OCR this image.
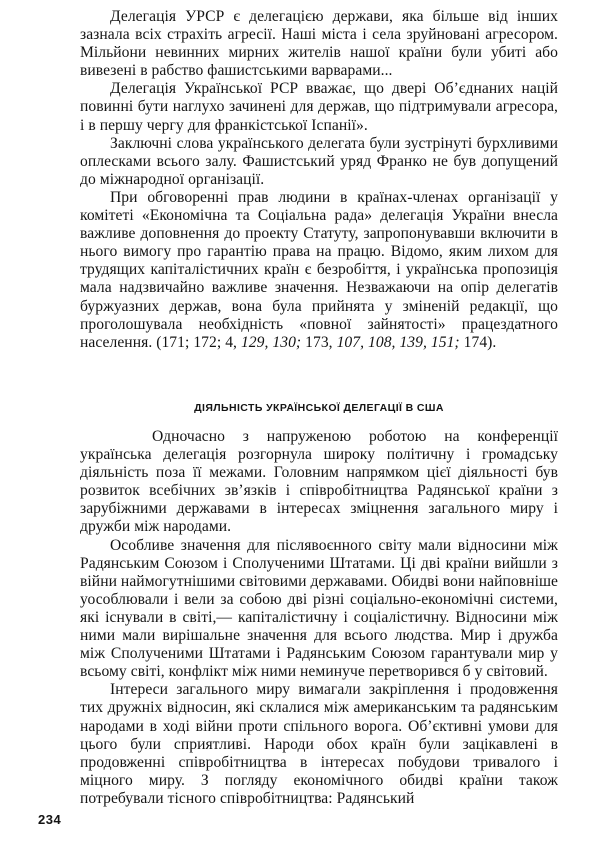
Делегація УРСР є делегацією держави, яка більше від інших зазнала всіх страхіть агресії. Наші міста і села зруйновані агресором. Мільйони невинних мирних жителів нашої країни були убиті або вивезені в рабство фашистськими варварами...

Делегація Української РСР вважає, що двері Об’єднаних націй повинні бути наглухо зачинені для держав, що підтримували агресора, і в першу чергу для франкістської Іспанії».

Заключні слова українського делегата були зустрінуті бурхливими оплесками всього залу. Фашистський уряд Франко не був допущений до міжнародної організації.

При обговоренні прав людини в країнах-членах організації у комітеті «Економічна та Соціальна рада» делегація України внесла важливе доповнення до проекту Статуту, запропонувавши включити в нього вимогу про гарантію права на працю. Відомо, яким лихом для трудящих капіталістичних країн є безробіття, і українська пропозиція мала надзвичайно важливе значення. Незважаючи на опір делегатів буржуазних держав, вона була прийнята у зміненій редакції, що проголошувала необхідність «повної зайнятості» працездатного населення. (171; 172; 4, 129, 130; 173, 107, 108, 139, 151; 174).

ДІЯЛЬНІСТЬ УКРАЇНСЬКОЇ ДЕЛЕГАЦІЇ В США

Одночасно з напруженою роботою на конференції українська делегація розгорнула широку політичну і громадську діяльність поза її межами. Головним напрямком цієї діяльності був розвиток всебічних зв’язків і співробітництва Радянської країни з зарубіжними державами в інтересах зміцнення загального миру і дружби між народами.

Особливе значення для післявоєнного світу мали відносини між Радянським Союзом і Сполученими Штатами. Ці дві країни вийшли з війни наймогутнішими світовими державами. Обидві вони найповніше уособлювали і вели за собою дві різні соціально-економічні системи, які існували в світі,— капіталістичну і соціалістичну. Відносини між ними мали вирішальне значення для всього людства. Мир і дружба між Сполученими Штатами і Радянським Союзом гарантували мир у всьому світі, конфлікт між ними неминуче перетворився б у світовий.

Інтереси загального миру вимагали закріплення і продовження тих дружніх відносин, які склалися між американським та радянським народами в ході війни проти спільного ворога. Об’єктивні умови для цього були сприятливі. Народи обох країн були зацікавлені в продовженні співробітництва в інтересах побудови тривалого і міцного миру. З погляду економічного обидві країни також потребували тісного співробітництва: Радянський

234
